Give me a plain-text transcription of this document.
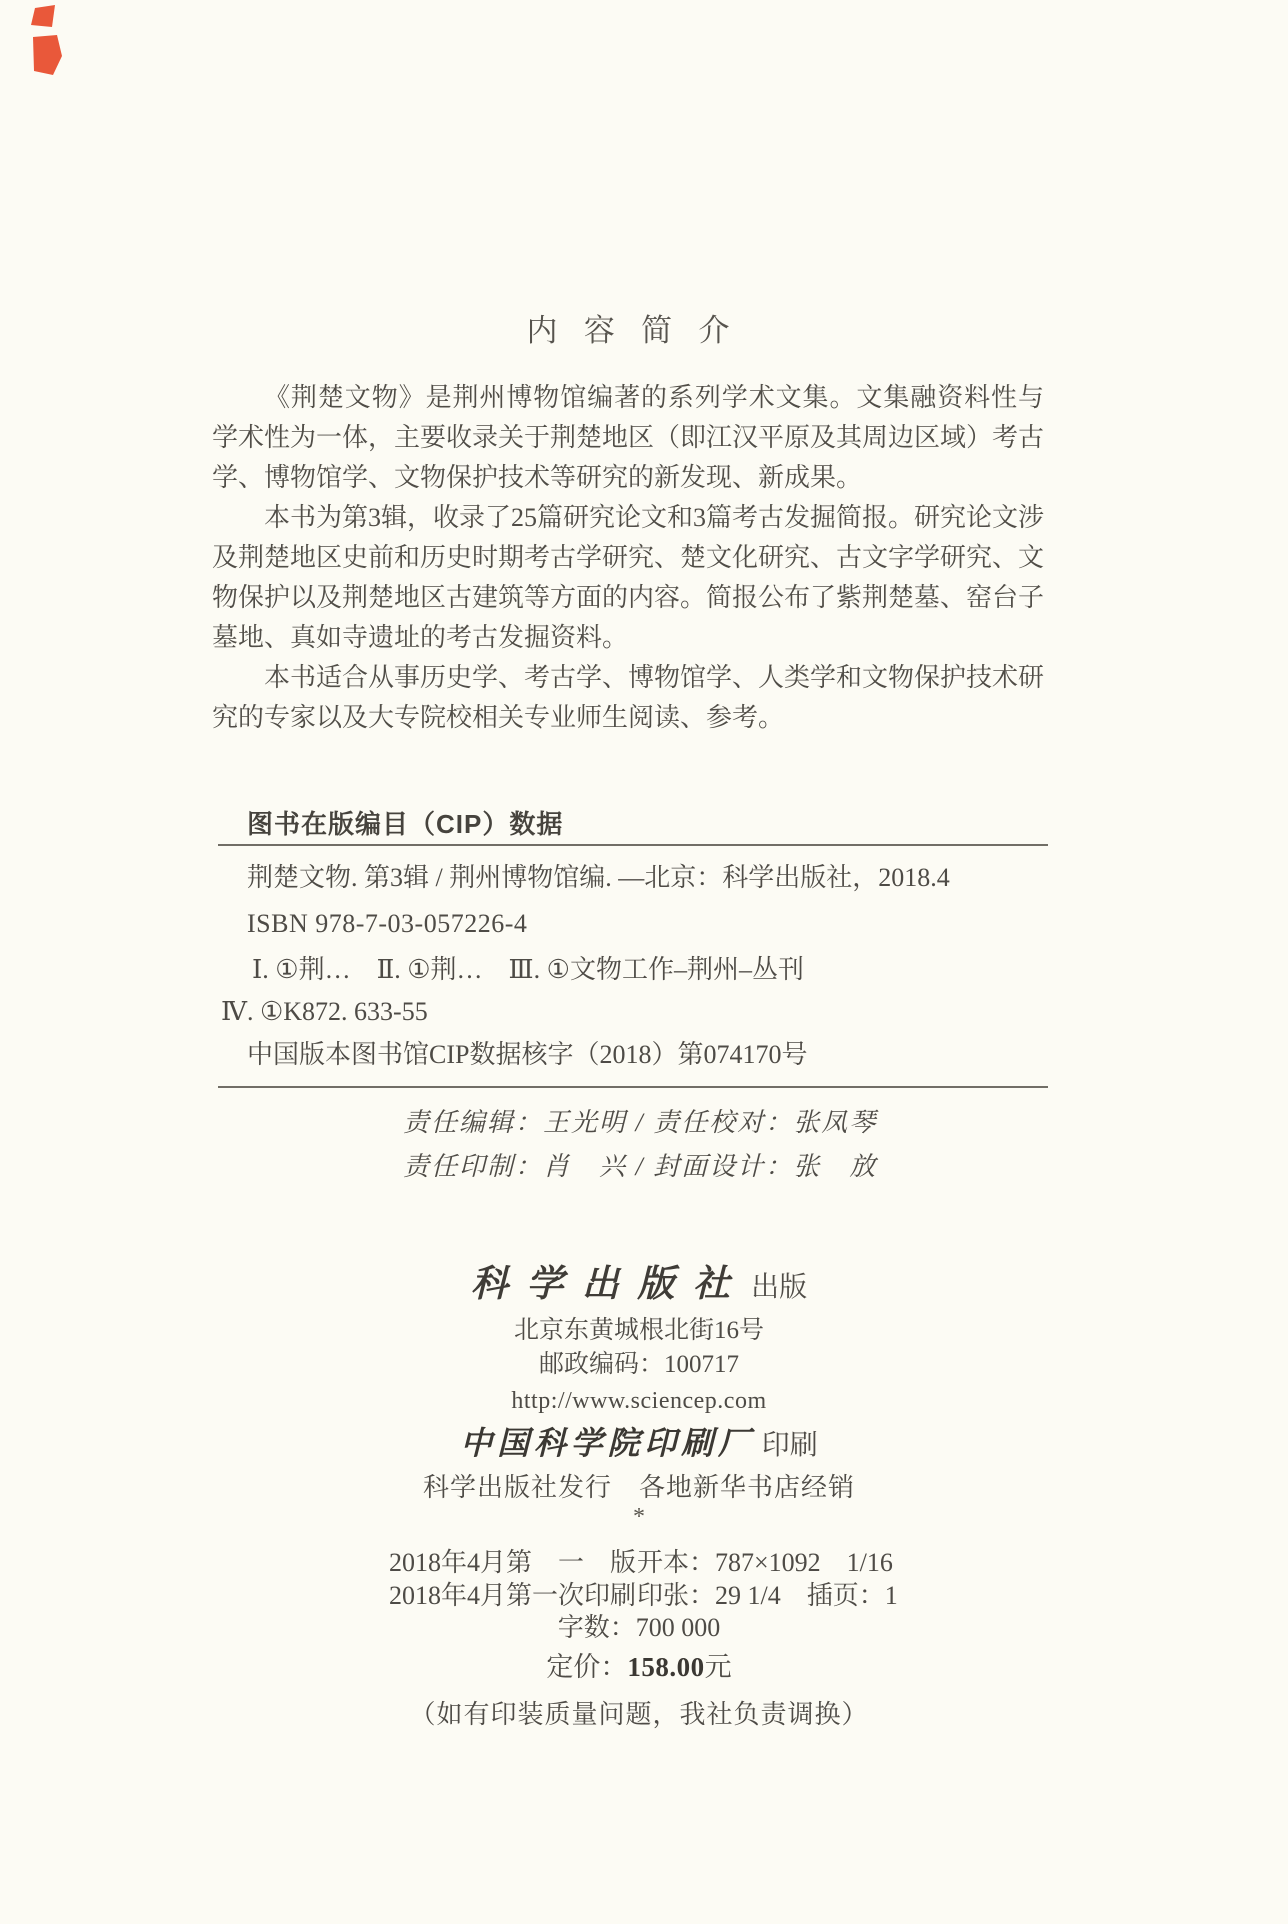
内容简介
《荆楚文物》是荆州博物馆编著的系列学术文集。文集融资料性与
学术性为一体，主要收录关于荆楚地区（即江汉平原及其周边区域）考古
学、博物馆学、文物保护技术等研究的新发现、新成果。
本书为第3辑，收录了25篇研究论文和3篇考古发掘简报。研究论文涉
及荆楚地区史前和历史时期考古学研究、楚文化研究、古文字学研究、文
物保护以及荆楚地区古建筑等方面的内容。简报公布了紫荆楚墓、窑台子
墓地、真如寺遗址的考古发掘资料。
本书适合从事历史学、考古学、博物馆学、人类学和文物保护技术研
究的专家以及大专院校相关专业师生阅读、参考。
图书在版编目（CIP）数据
荆楚文物. 第3辑 / 荆州博物馆编. —北京：科学出版社，2018.4
ISBN 978-7-03-057226-4
Ⅰ. ①荆…　Ⅱ. ①荆…　Ⅲ. ①文物工作–荆州–丛刊
Ⅳ. ①K872. 633-55
中国版本图书馆CIP数据核字（2018）第074170号
责任编辑：王光明 / 责任校对：张凤琴
责任印制：肖　兴 / 封面设计：张　放
科学出版社出版
北京东黄城根北街16号
邮政编码：100717
http://www.sciencep.com
中国科学院印刷厂 印刷
科学出版社发行　各地新华书店经销
*
2018年4月第　一　版 开本：787×1092　1/16
2018年4月第一次印刷 印张：29 1/4　插页：1
字数：700 000
定价：158.00元
（如有印装质量问题，我社负责调换）
